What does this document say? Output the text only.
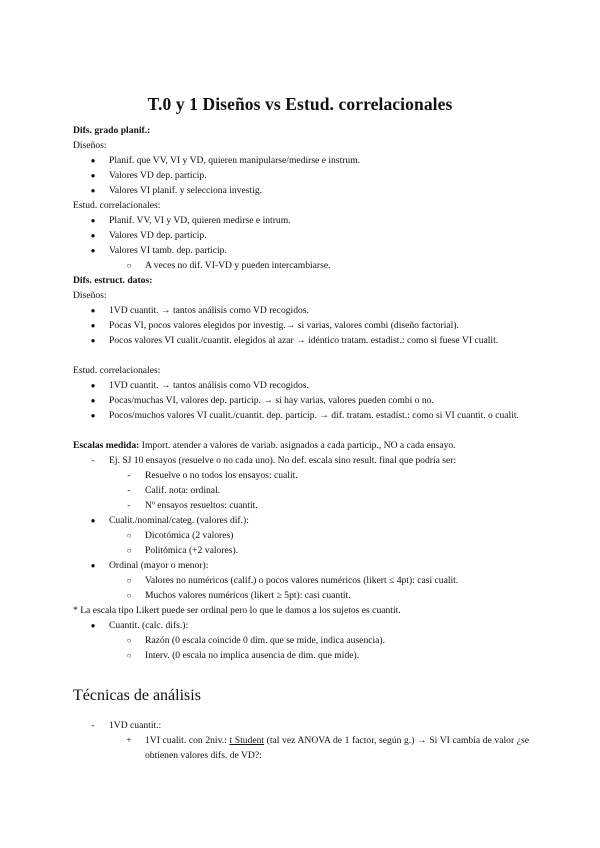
T.0 y 1 Diseños vs Estud. correlacionales
Difs. grado planif.:
Diseños:
● Planif. que VV, VI y VD, quieren manipularse/medirse e instrum.
● Valores VD dep. particip.
● Valores VI planif. y selecciona investig.
Estud. correlacionales:
● Planif. VV, VI y VD, quieren medirse e intrum.
● Valores VD dep. particip.
● Valores VI tamb. dep. particip.
○ A veces no dif. VI-VD y pueden intercambiarse.
Difs. estruct. datos:
Diseños:
● 1VD cuantit. → tantos análisis como VD recogidos.
● Pocas VI, pocos valores elegidos por investig.→ si varias, valores combi (diseño factorial).
● Pocos valores VI cualit./cuantit. elegidos al azar → idéntico tratam. estadist.: como si fuese VI cualit.
Estud. correlacionales:
● 1VD cuantit. → tantos análisis como VD recogidos.
● Pocas/muchas VI, valores dep. particip. → si hay varias, valores pueden combi o no.
● Pocos/muchos valores VI cualit./cuantit. dep. particip. → dif. tratam. estadíst.: como si VI cuantit. o cualit.
Escalas medida: Import. atender a valores de variab. asignados a cada particip., NO a cada ensayo.
-	Ej. SJ 10 ensayos (resuelve o no cada uno). No def. escala sino result. final que podría ser:
-	Resuelve o no todos los ensayos: cualit.
-	Calif. nota: ordinal.
-	Nº ensayos resueltos: cuantit.
● Cualit./nominal/categ. (valores dif.):
○ Dicotómica (2 valores)
○ Politómica (+2 valores).
● Ordinal (mayor o menor):
○ Valores no numéricos (calif.) o pocos valores numéricos (likert ≤ 4pt): casi cualit.
○ Muchos valores numéricos (likert ≥ 5pt): casi cuantit.
* La escala tipo Likert puede ser ordinal pero lo que le damos a los sujetos es cuantit.
● Cuantit. (calc. difs.):
○ Razón (0 escala coincide 0 dim. que se mide, indica ausencia).
○ Interv. (0 escala no implica ausencia de dim. que mide).
Técnicas de análisis
-	1VD cuantit.:
+ 1VI cualit. con 2niv.: t Student (tal vez ANOVA de 1 factor, según g.) → Si VI cambia de valor ¿se obtienen valores difs. de VD?:
